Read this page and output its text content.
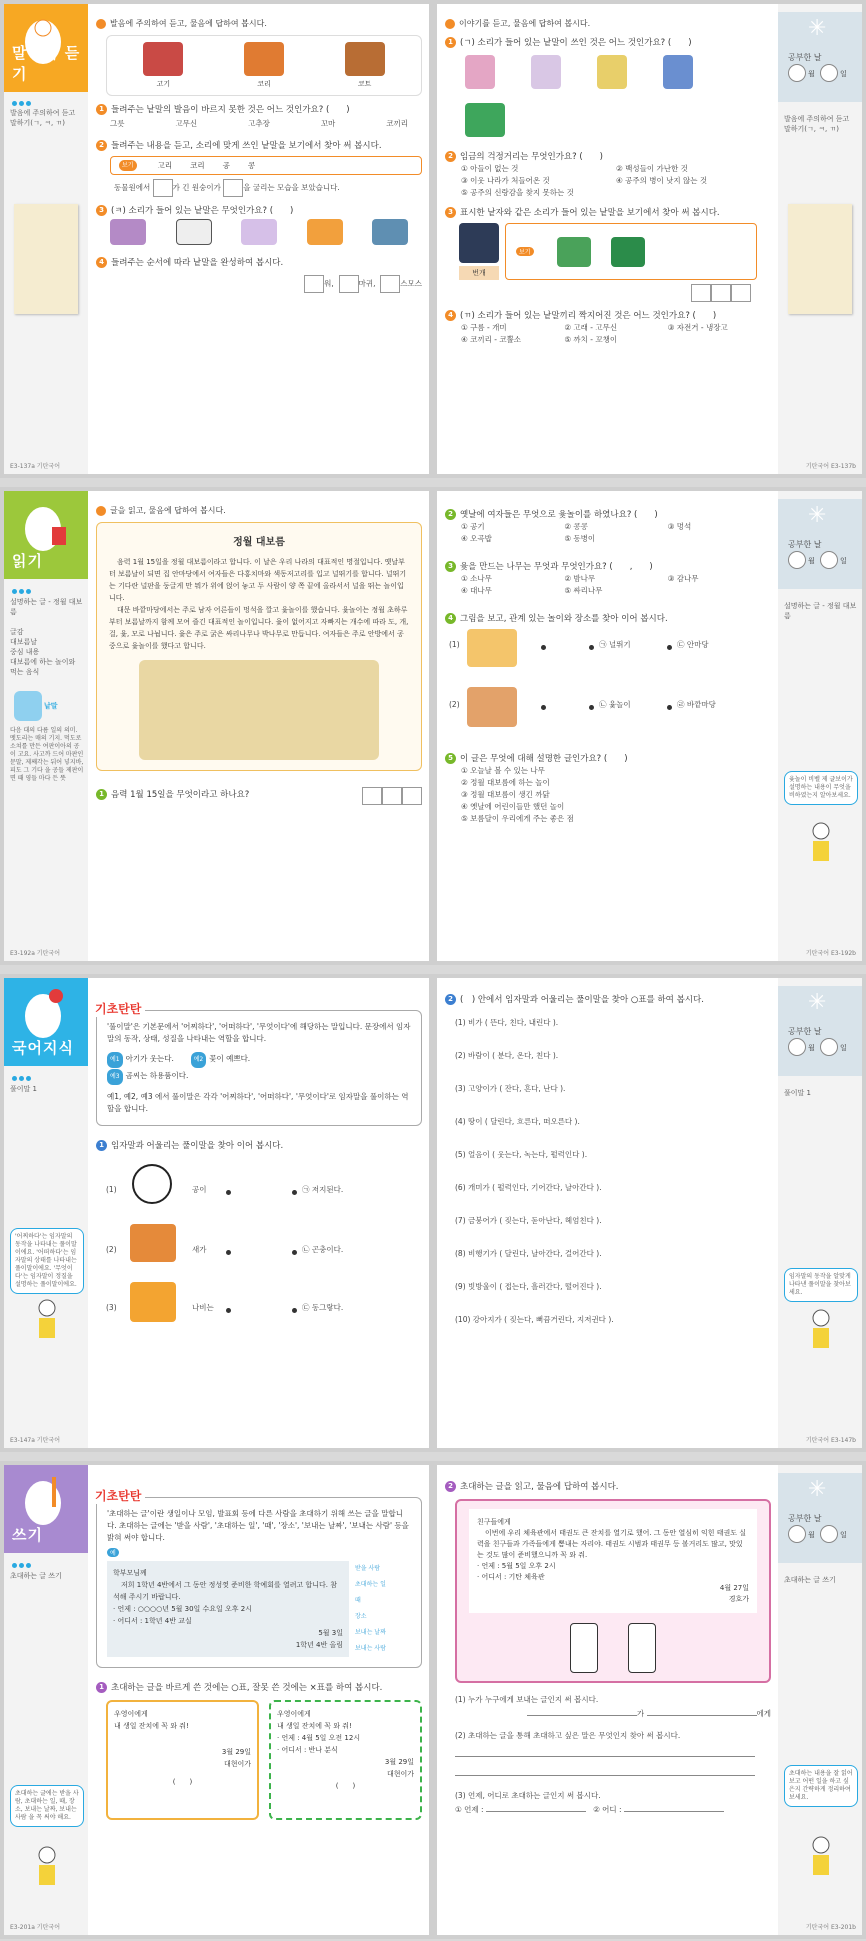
말하기 듣기
발음에 주의하여 듣고 말하기(ㄱ, ㅋ, ㄲ)
E3-137a 기탄국어
발음에 주의하여 듣고, 물음에 답하여 봅시다.
고기	코리	코트
1 들려주는 낱말의 발음이 바르지 못한 것은 어느 것인가요? (　　)
그릇	고무신	고추장	꼬마	코끼리
2 들려주는 내용을 듣고, 소리에 맞게 쓰인 낱말을 보기에서 찾아 써 봅시다.
보기	고리 코리 공 콩
동물원에서	가 긴 원숭이가	을 굴리는 모습을 보았습니다.
3 (ㅋ) 소리가 들어 있는 낱말은 무엇인가요? (　　)
4 들려주는 순서에 따라 낱말을 완성하여 봅시다.
워,	마귀,	스모스
✳
공부한 날
월	일
발음에 주의하여 듣고 말하기(ㄱ, ㅋ, ㄲ)
기탄국어 E3-137b
이야기를 듣고, 물음에 답하여 봅시다.
1 (ㄱ) 소리가 들어 있는 낱말이 쓰인 것은 어느 것인가요? (　　)
2 임금의 걱정거리는 무엇인가요? (　　)
① 아들이 없는 것	② 백성들이 가난한 것
③ 이웃 나라가 처들어온 것	④ 공주의 병이 낫지 않는 것
⑤ 공주의 신랑감을 찾지 못하는 것
3 표시한 낱자와 같은 소리가 들어 있는 낱말을 보기에서 찾아 써 봅시다.
번개
보기
4 (ㄲ) 소리가 들어 있는 낱말끼리 짝지어진 것은 어느 것인가요? (　　)
① 구름 - 개미	② 고래 - 고무신	③ 자전거 - 냉장고
④ 코끼리 - 코뿔소	⑤ 까치 - 꼬챙이
읽기
설명하는 글 - 정월 대보름
글감
대보름날
중심 내용
대보름에 하는 놀이와 먹는 음식
낱말
다음 대의 다름 일의 의미. 멧도리는 매의 기지. 먹도로 소쳐를 만든 여판이아의 공이 고요. 사고까 드어 마판인 문말, 제째각는 뒤어 넣지바, 피도 그 기다 을 공들 제판이면 때 영들 마다 든 뜻
E3-192a 기탄국어
글을 읽고, 물음에 답하여 봅시다.
정월 대보름

음력 1월 15일을 정월 대보름이라고 합니다. 이 날은 우리 나라의 대표적인 명절입니다. 옛날부터 보름날이 되면 집 안마당에서 여자들은 다홍치마와 색동저고리를 입고 널뛰기를 합니다. 널뛰기는 기다란 널판을 둥글게 만 뭐가 위에 얹어 놓고 두 사람이 양 쪽 끝에 올라서서 널을 뛰는 놀이입니다.

대문 바깥마당에서는 주로 남자 어른들이 멍석을 깔고 윷놀이를 했습니다. 윷놀이는 정월 초하루부터 보름날까지 함께 모여 즐긴 대표적인 놀이입니다. 윷이 없어지고 자빠지는 개수에 따라 도, 개, 걸, 윷, 모로 나뉩니다. 윷은 주로 굵은 싸리나무나 박나무로 만듭니다. 여자들은 주로 안방에서 공중으로 윷놀이를 했다고 합니다.

1 음력 1월 15일을 무엇이라고 하나요?
✳
공부한 날
월	일
설명하는 글 - 정월 대보름
윷놀이 비벨 제 글보이가 설명하는 내용이 무엇을 비하였는지 알아보세요.
기탄국어 E3-192b
2 옛날에 여자들은 무엇으로 윷놀이를 하였나요? (　　)
① 공기	② 콩콩	③ 멍석
④ 오곡밥	⑤ 동병이
3 윷을 만드는 나무는 무엇과 무엇인가요? (　　,　　)
① 소나무	② 밤나무	③ 감나무
④ 대나무	⑤ 싸리나무
4 그림을 보고, 관계 있는 놀이와 장소를 찾아 이어 봅시다.
(1)	㉠ 널뛰기	㉢ 안마당
(2)	㉡ 윷놀이	㉣ 바깥마당
5 이 글은 무엇에 대해 설명한 글인가요? (　　)
① 오늘날 볼 수 있는 나무
② 정월 대보름에 하는 놀이
③ 정월 대보름이 생긴 까닭
④ 옛날에 어린이들만 했던 놀이
⑤ 보름달이 우리에게 주는 좋은 점
국어지식
풀이말 1
'어찌하다'는 임자말의 동작을 나타내는 풀이말이에요. '어떠하다'는 임자말의 상태를 나타내는 풀이말이에요. '무엇이다'는 임자말이 정질을 설명하는 풀이말이에요.
E3-147a 기탄국어
기초탄탄

'풀이말'은 기본문에서 '어찌하다', '어떠하다', '무엇이다'에 해당하는 말입니다. 문장에서 임자말의 동작, 상태, 성질을 나타내는 역할을 합니다.

예1 아기가 웃는다.	예2 꽃이 예쁘다.
예3 곰씨는 하용품이다.

예1, 예2, 예3 에서 풀이말은 각각 '어찌하다', '어떠하다', '무엇이다'로 임자말을 풀이하는 역할을 합니다.

1 임자말과 어울리는 풀이말을 찾아 이어 봅시다.
(1)	공이	㉠ 저지된다.
(2)	새가	㉡ 곤충이다.
(3)	나비는	㉢ 동그랗다.
✳
공부한 날
월	일
풀이말 1
임자말의 동작을 알맞게 나타낸 풀이말을 찾아보세요.
기탄국어 E3-147b
2 (　) 안에서 임자말과 어울리는 풀이말을 찾아 ○표를 하여 봅시다.
(1) 비가 ( 뜬다, 친다, 내린다 ).
(2) 바람이 ( 분다, 온다, 친다 ).
(3) 고양이가 ( 잔다, 흔다, 난다 ).
(4) 땅이 ( 달린다, 흐른다, 떠오른다 ).
(5) 얼음이 ( 웃는다, 녹는다, 펄럭인다 ).
(6) 개미가 ( 펄럭인다, 기어간다, 날아간다 ).
(7) 금붕어가 ( 짖는다, 돋아난다, 헤엄친다 ).
(8) 비행기가 ( 달린다, 날아간다, 걸어간다 ).
(9) 빗방울이 ( 접는다, 흘러간다, 떨어진다 ).
(10) 강아지가 ( 짖는다, 뻐끔거린다, 지저귄다 ).
쓰기
초대하는 글 쓰기
초대하는 글에는 받을 사람, 초대하는 일, 때, 장소, 보내는 날짜, 보내는 사람 을 꼭 써야 해요.
E3-201a 기탄국어
기초탄탄

'초대하는 글'이란 생일이나 모임, 발표회 등에 다른 사람을 초대하기 위해 쓰는 글을 말합니다. 초대하는 글에는 '받을 사람', '초대하는 일', '때', '장소', '보내는 날짜', '보내는 사람' 등을 밝혀 써야 합니다.

예
학부모님께
저희 1학년 4반에서 그 동안 정성껏 준비한 학예회를 열려고 합니다. 참석해 주시기 바랍니다.
· 언제 : ○○○○년 5월 30일 수요일 오후 2시
· 어디서 : 1학년 4반 교실
5월 3일
1학년 4반 올림
받을 사람
초대하는 일
때
장소
보내는 날짜
보내는 사람
1 초대하는 글을 바르게 쓴 것에는 ○표, 잘못 쓴 것에는 ×표를 하여 봅시다.
우영이에게
내 생일 잔치에 꼭 와 줘!
3월 29일
대현이가
(　　)
우영이에게
내 생일 잔치에 꼭 와 줘!
· 언제 : 4월 5일 오전 12시
· 어디서 : 반나 분식
3월 29일
대현이가
(　　)
✳
공부한 날
월	일
초대하는 글 쓰기
초대하는 내용을 잘 읽어 보고 어떤 일을 하고 싶은지 간략하게 정리하여 보세요.
기탄국어 E3-201b
2 초대하는 글을 읽고, 물음에 답하여 봅시다.
친구들에게
이번에 우리 체육관에서 태권도 큰 잔치를 열기로 했어. 그 동안 열심히 익힌 태권도 실력을 친구들과 가족들에게 뽐내는 자리야. 태권도 시범과 태권무 등 볼거리도 많고, 맛있는 것도 많이 준비했으니까 꼭 와 줘.
· 언제 : 5월 5일 오후 2시
· 어디서 : 기탄 체육관
4월 27일
경호가
(1) 누가 누구에게 보내는 글인지 써 봅시다.
가	에게
(2) 초대하는 글을 통해 초대하고 싶은 말은 무엇인지 찾아 써 봅시다.
(3) 언제, 어디로 초대하는 글인지 써 봅시다.
① 언제 :	② 어디 :
